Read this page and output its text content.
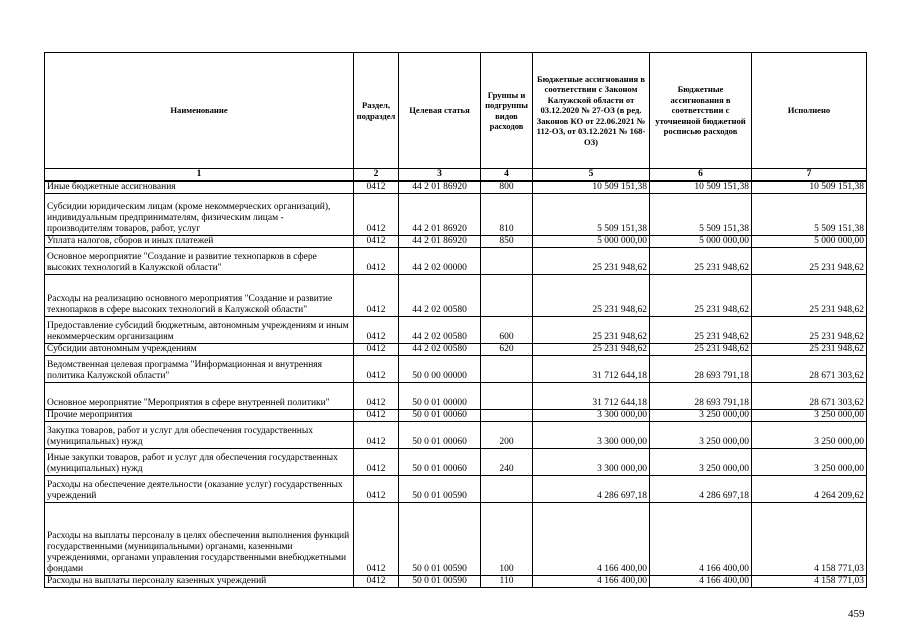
Наименование	Раздел, подраздел	Целевая статья	Группы и подгруппы видов расходов	Бюджетные ассигнования в соответствии с Законом Калужской области от 03.12.2020 № 27-ОЗ (в ред. Законов КО от 22.06.2021 № 112-ОЗ, от 03.12.2021 № 168-ОЗ)	Бюджетные ассигнования в соответствии с уточненной бюджетной росписью расходов	Исполнено
1	2	3	4	5	6	7
Иные бюджетные ассигнования	0412	44 2 01 86920	800	10 509 151,38	10 509 151,38	10 509 151,38
Субсидии юридическим лицам (кроме некоммерческих организаций), индивидуальным предпринимателям, физическим лицам - производителям товаров, работ, услуг	0412	44 2 01 86920	810	5 509 151,38	5 509 151,38	5 509 151,38
Уплата налогов, сборов и иных платежей	0412	44 2 01 86920	850	5 000 000,00	5 000 000,00	5 000 000,00
Основное мероприятие "Создание и развитие технопарков в сфере высоких технологий в Калужской области"	0412	44 2 02 00000		25 231 948,62	25 231 948,62	25 231 948,62
Расходы на реализацию основного мероприятия "Создание и развитие технопарков в сфере высоких технологий в Калужской области"	0412	44 2 02 00580		25 231 948,62	25 231 948,62	25 231 948,62
Предоставление субсидий бюджетным, автономным учреждениям и иным некоммерческим организациям	0412	44 2 02 00580	600	25 231 948,62	25 231 948,62	25 231 948,62
Субсидии автономным учреждениям	0412	44 2 02 00580	620	25 231 948,62	25 231 948,62	25 231 948,62
Ведомственная целевая программа "Информационная и внутренняя политика Калужской области"	0412	50 0 00 00000		31 712 644,18	28 693 791,18	28 671 303,62
Основное мероприятие "Мероприятия в сфере внутренней политики"	0412	50 0 01 00000		31 712 644,18	28 693 791,18	28 671 303,62
Прочие мероприятия	0412	50 0 01 00060		3 300 000,00	3 250 000,00	3 250 000,00
Закупка товаров, работ и услуг для обеспечения государственных (муниципальных) нужд	0412	50 0 01 00060	200	3 300 000,00	3 250 000,00	3 250 000,00
Иные закупки товаров, работ и услуг для обеспечения государственных (муниципальных) нужд	0412	50 0 01 00060	240	3 300 000,00	3 250 000,00	3 250 000,00
Расходы на обеспечение деятельности (оказание услуг) государственных учреждений	0412	50 0 01 00590		4 286 697,18	4 286 697,18	4 264 209,62
Расходы на выплаты персоналу в целях обеспечения выполнения функций государственными (муниципальными) органами, казенными учреждениями, органами управления государственными внебюджетными фондами	0412	50 0 01 00590	100	4 166 400,00	4 166 400,00	4 158 771,03
Расходы на выплаты персоналу казенных учреждений	0412	50 0 01 00590	110	4 166 400,00	4 166 400,00	4 158 771,03
459
